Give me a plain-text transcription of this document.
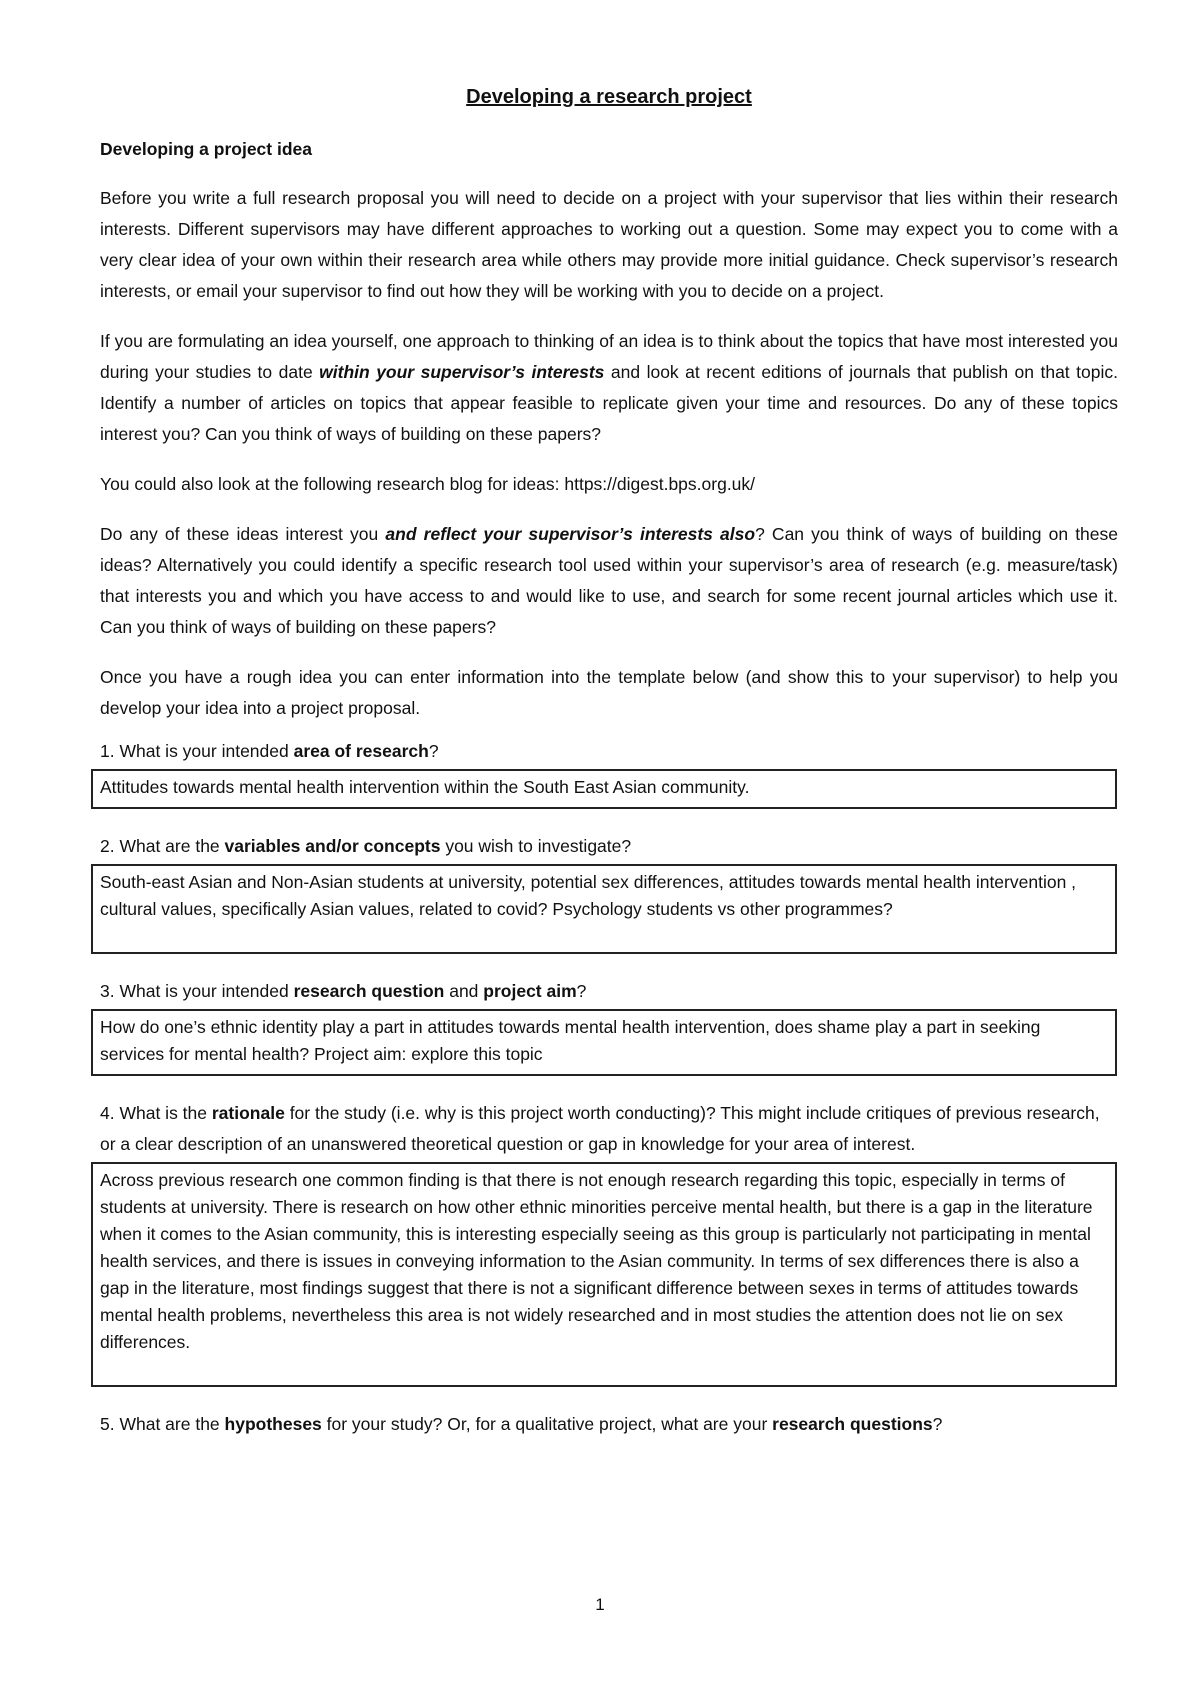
Developing a research project
Developing a project idea

Before you write a full research proposal you will need to decide on a project with your supervisor that lies within their research interests. Different supervisors may have different approaches to working out a question. Some may expect you to come with a very clear idea of your own within their research area while others may provide more initial guidance. Check supervisor’s research interests, or email your supervisor to find out how they will be working with you to decide on a project.

If you are formulating an idea yourself, one approach to thinking of an idea is to think about the topics that have most interested you during your studies to date within your supervisor’s interests and look at recent editions of journals that publish on that topic. Identify a number of articles on topics that appear feasible to replicate given your time and resources. Do any of these topics interest you? Can you think of ways of building on these papers?

You could also look at the following research blog for ideas: https://digest.bps.org.uk/

Do any of these ideas interest you and reflect your supervisor’s interests also? Can you think of ways of building on these ideas? Alternatively you could identify a specific research tool used within your supervisor’s area of research (e.g. measure/task) that interests you and which you have access to and would like to use, and search for some recent journal articles which use it. Can you think of ways of building on these papers?

Once you have a rough idea you can enter information into the template below (and show this to your supervisor) to help you develop your idea into a project proposal.

1. What is your intended area of research?
Attitudes towards mental health intervention within the South East Asian community.
2. What are the variables and/or concepts you wish to investigate?
South-east Asian and Non-Asian students at university, potential sex differences, attitudes towards mental health intervention , cultural values, specifically Asian values, related to covid? Psychology students vs other programmes?
3. What is your intended research question and project aim?
How do one’s ethnic identity play a part in attitudes towards mental health intervention, does shame play a part in seeking services for mental health? Project aim: explore this topic
4. What is the rationale for the study (i.e. why is this project worth conducting)? This might include critiques of previous research, or a clear description of an unanswered theoretical question or gap in knowledge for your area of interest.
Across previous research one common finding is that there is not enough research regarding this topic, especially in terms of students at university. There is research on how other ethnic minorities perceive mental health, but there is a gap in the literature when it comes to the Asian community, this is interesting especially seeing as this group is particularly not participating in mental health services, and there is issues in conveying information to the Asian community. In terms of sex differences there is also a gap in the literature, most findings suggest that there is not a significant difference between sexes in terms of attitudes towards mental health problems, nevertheless this area is not widely researched and in most studies the attention does not lie on sex differences.
5. What are the hypotheses for your study? Or, for a qualitative project, what are your research questions?
1
